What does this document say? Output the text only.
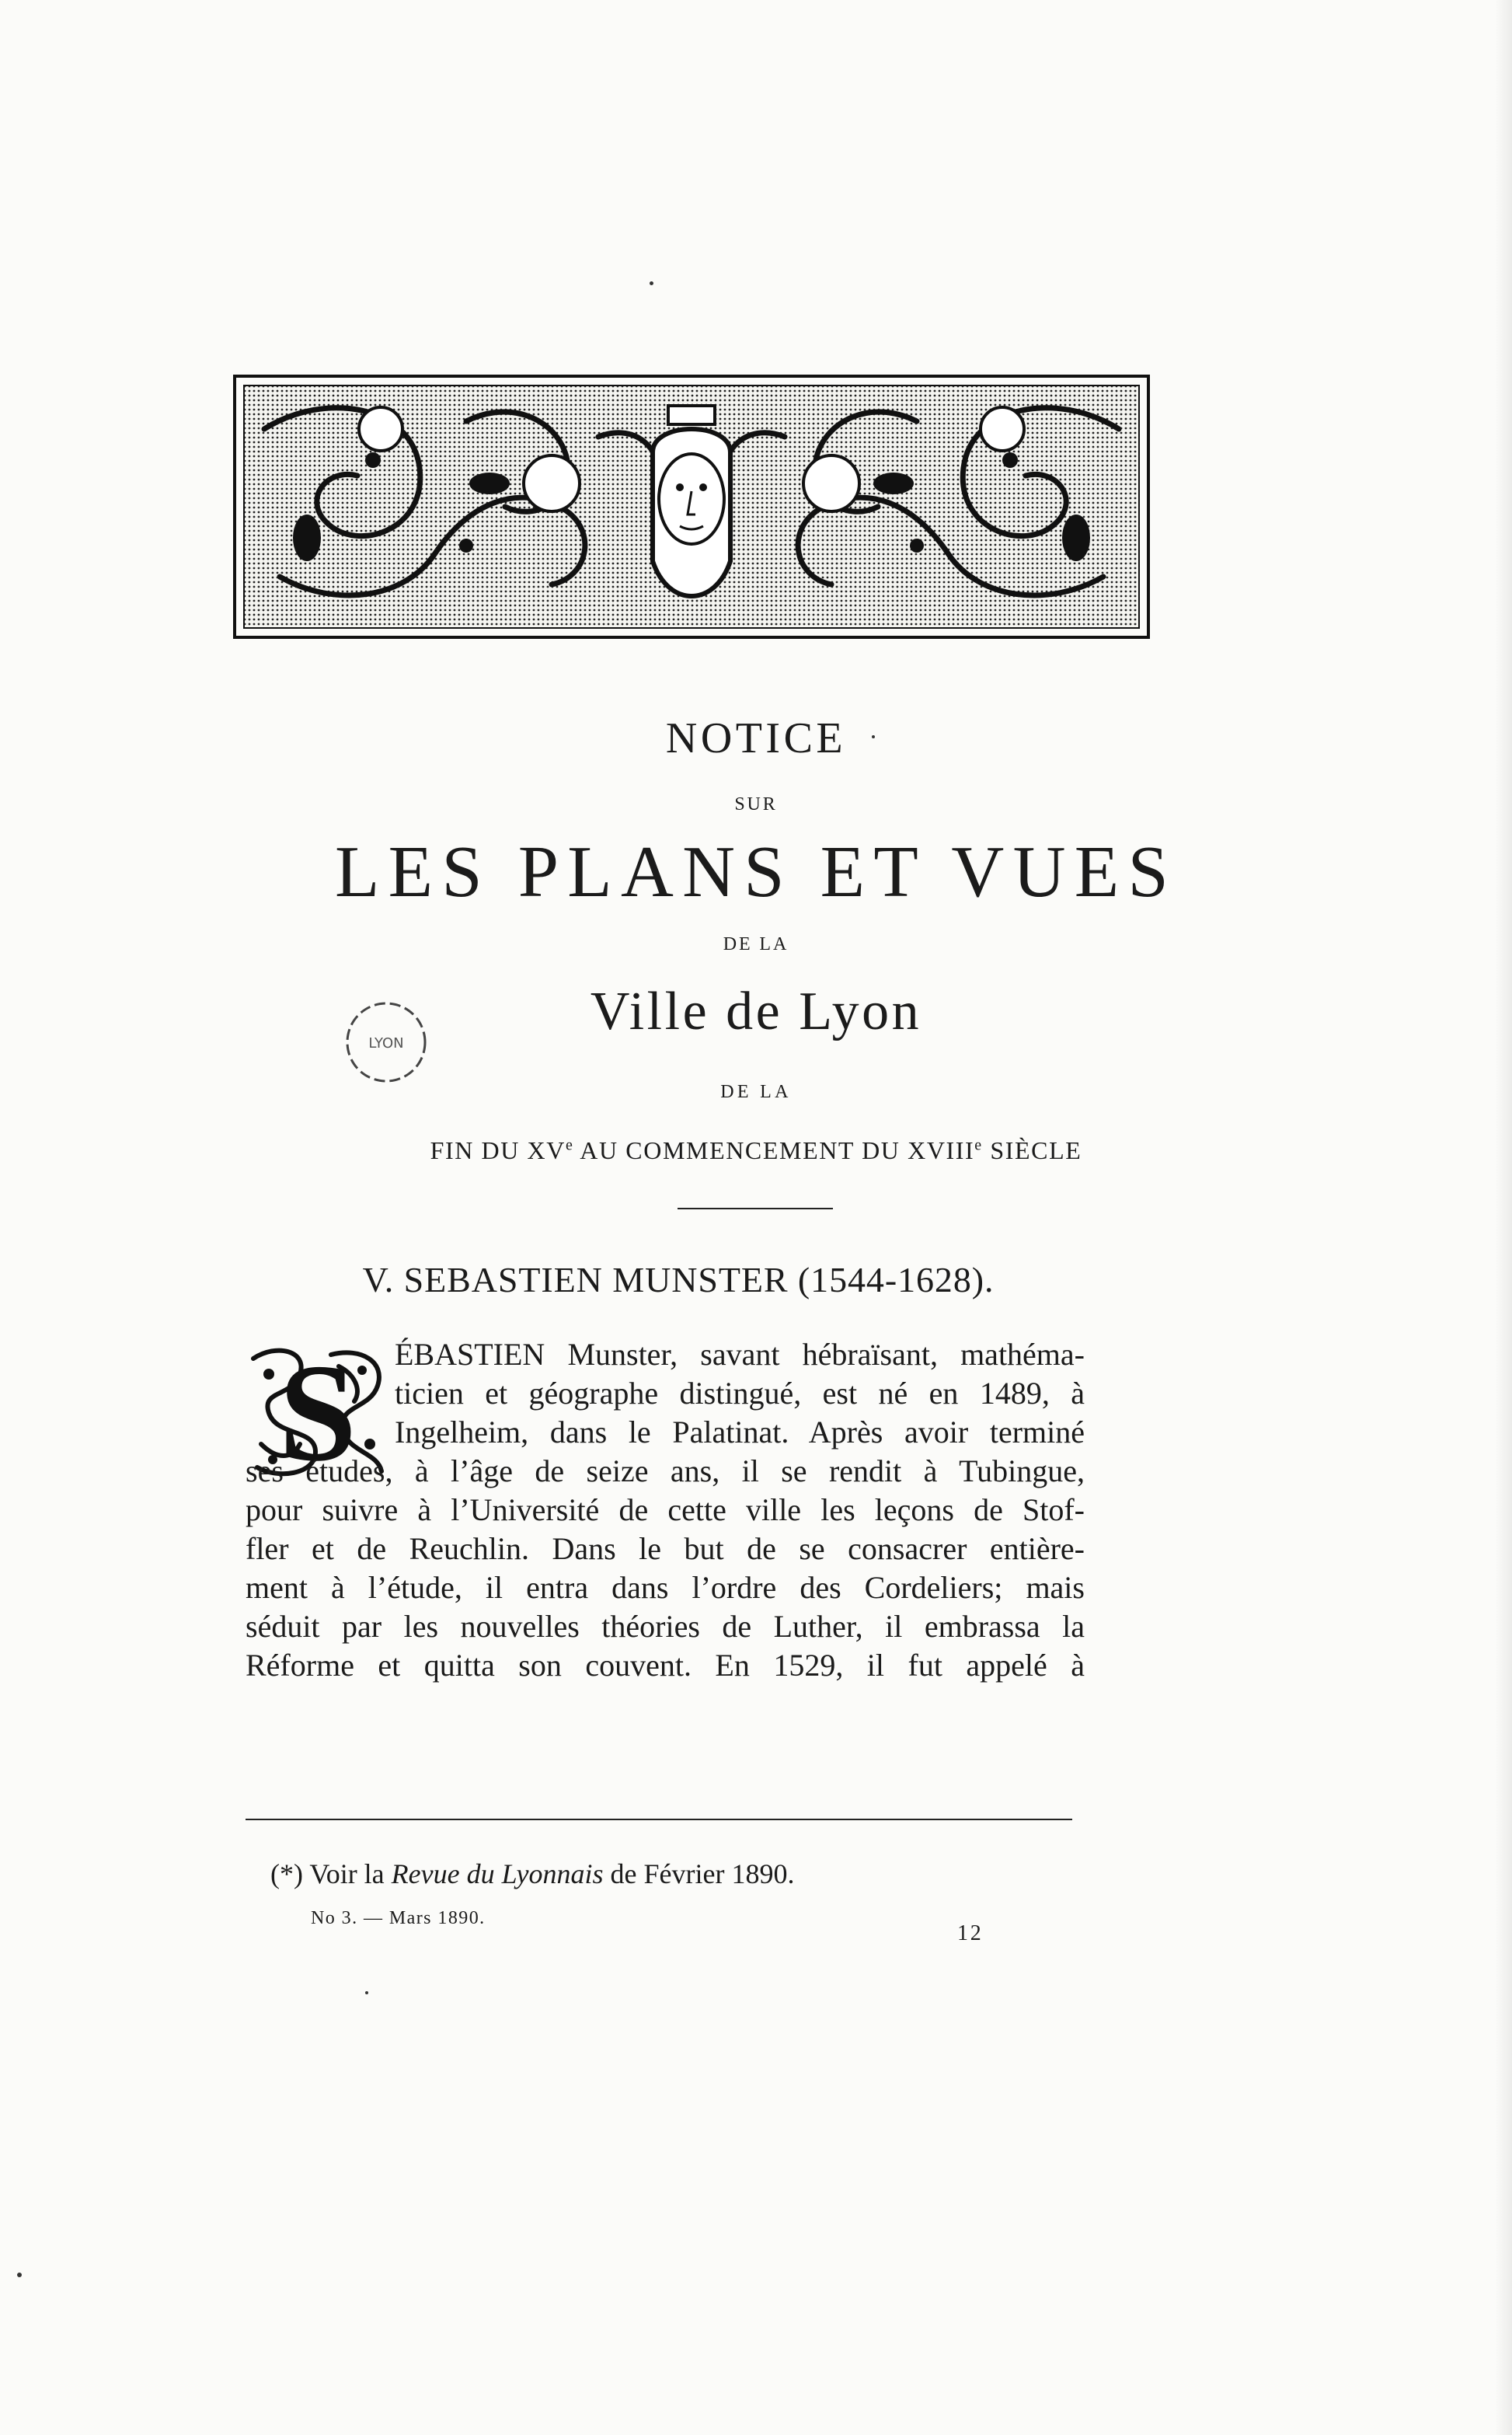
NOTICE
SUR
LES PLANS ET VUES
DE LA
Ville de Lyon
DE LA
FIN DU XVe AU COMMENCEMENT DU XVIIIe SIÈCLE
LYON
V. SEBASTIEN MUNSTER (1544-1628).
S ÉBASTIEN Munster, savant hébraïsant, mathéma-
ticien et géographe distingué, est né en 1489, à
Ingelheim, dans le Palatinat. Après avoir terminé
ses études, à l’âge de seize ans, il se rendit à Tubingue,
pour suivre à l’Université de cette ville les leçons de Stof-
fler et de Reuchlin. Dans le but de se consacrer entière-
ment à l’étude, il entra dans l’ordre des Cordeliers; mais
séduit par les nouvelles théories de Luther, il embrassa la
Réforme et quitta son couvent. En 1529, il fut appelé à
(*) Voir la Revue du Lyonnais de Février 1890.
No 3. — Mars 1890.
12
